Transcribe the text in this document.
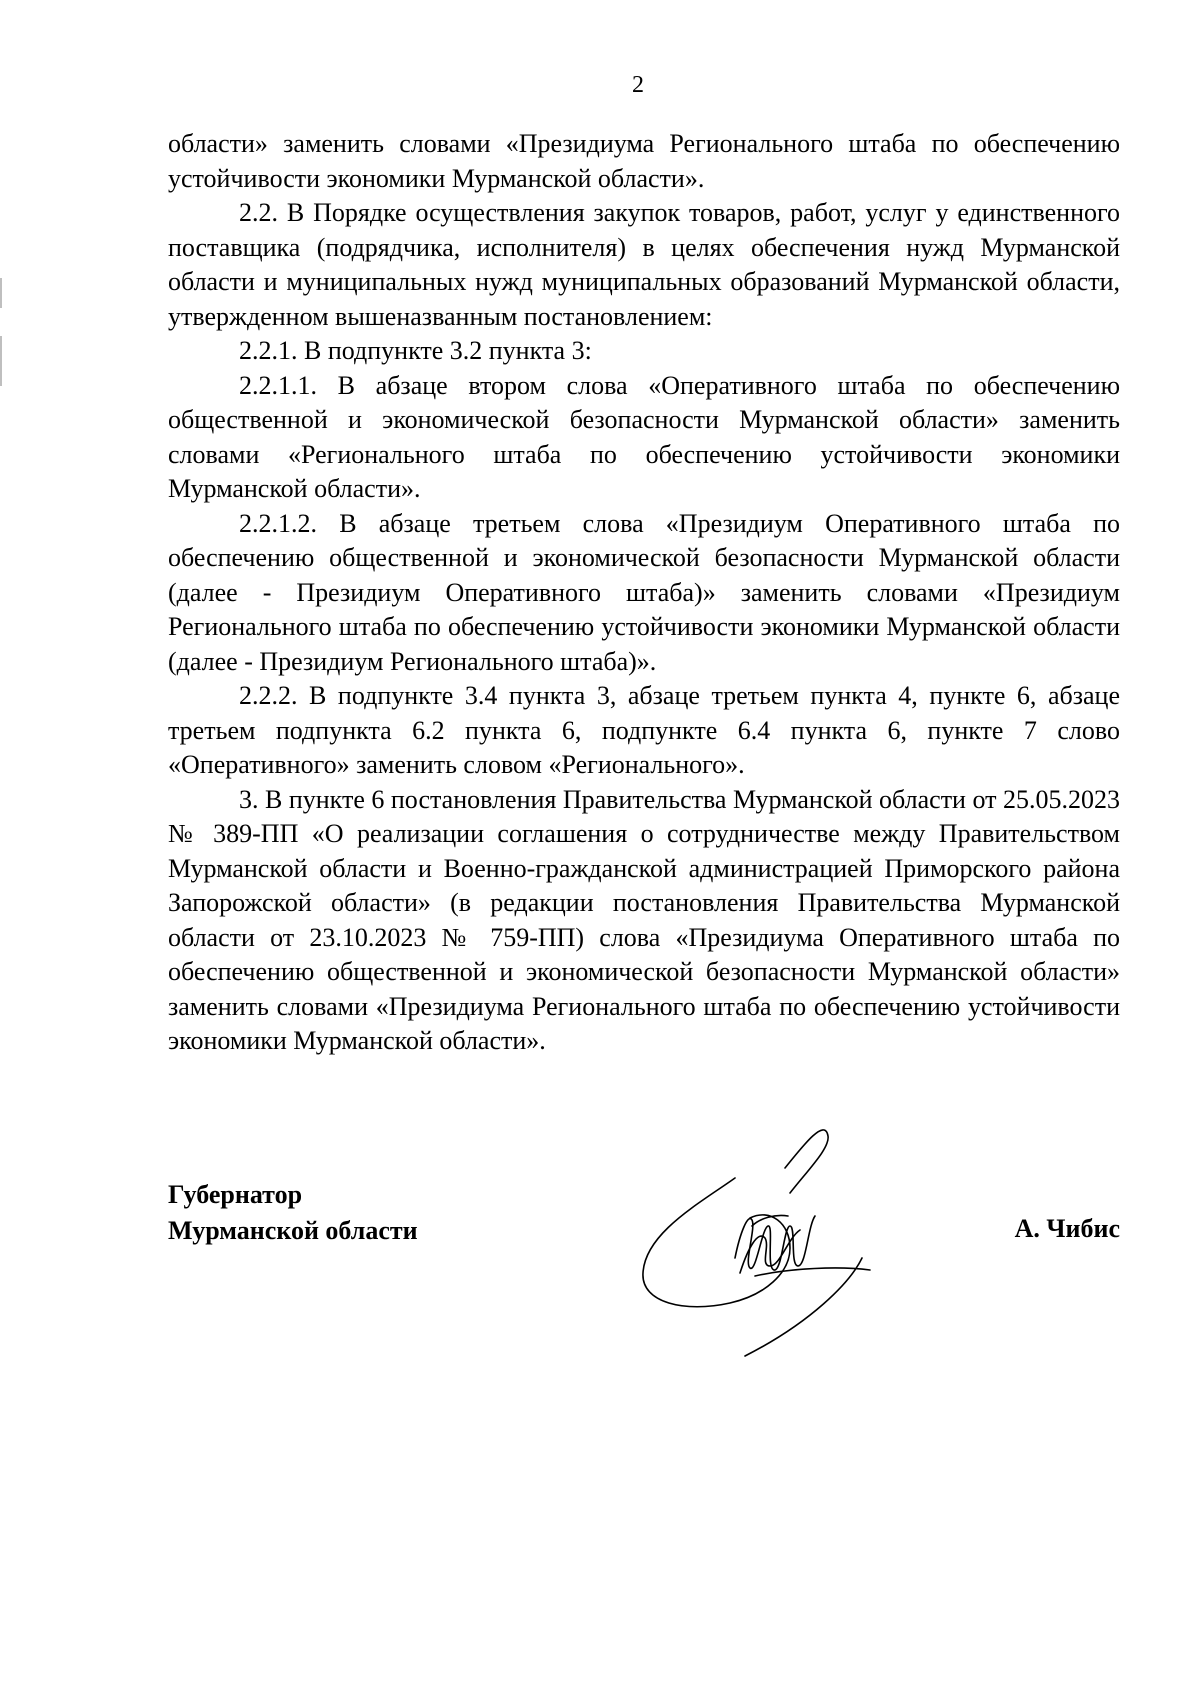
2

области» заменить словами «Президиума Регионального штаба по обеспечению устойчивости экономики Мурманской области».

2.2. В Порядке осуществления закупок товаров, работ, услуг у единственного поставщика (подрядчика, исполнителя) в целях обеспечения нужд Мурманской области и муниципальных нужд муниципальных образований Мурманской области, утвержденном вышеназванным постановлением:

2.2.1. В подпункте 3.2 пункта 3:

2.2.1.1. В абзаце втором слова «Оперативного штаба по обеспечению общественной и экономической безопасности Мурманской области» заменить словами «Регионального штаба по обеспечению устойчивости экономики Мурманской области».

2.2.1.2. В абзаце третьем слова «Президиум Оперативного штаба по обеспечению общественной и экономической безопасности Мурманской области (далее - Президиум Оперативного штаба)» заменить словами «Президиум Регионального штаба по обеспечению устойчивости экономики Мурманской области (далее - Президиум Регионального штаба)».

2.2.2. В подпункте 3.4 пункта 3, абзаце третьем пункта 4, пункте 6, абзаце третьем подпункта 6.2 пункта 6, подпункте 6.4 пункта 6, пункте 7 слово «Оперативного» заменить словом «Регионального».

3. В пункте 6 постановления Правительства Мурманской области от 25.05.2023 № 389-ПП «О реализации соглашения о сотрудничестве между Правительством Мурманской области и Военно-гражданской администрацией Приморского района Запорожской области» (в редакции постановления Правительства Мурманской области от 23.10.2023 № 759-ПП) слова «Президиума Оперативного штаба по обеспечению общественной и экономической безопасности Мурманской области» заменить словами «Президиума Регионального штаба по обеспечению устойчивости экономики Мурманской области».

Губернатор
Мурманской области	А. Чибис
